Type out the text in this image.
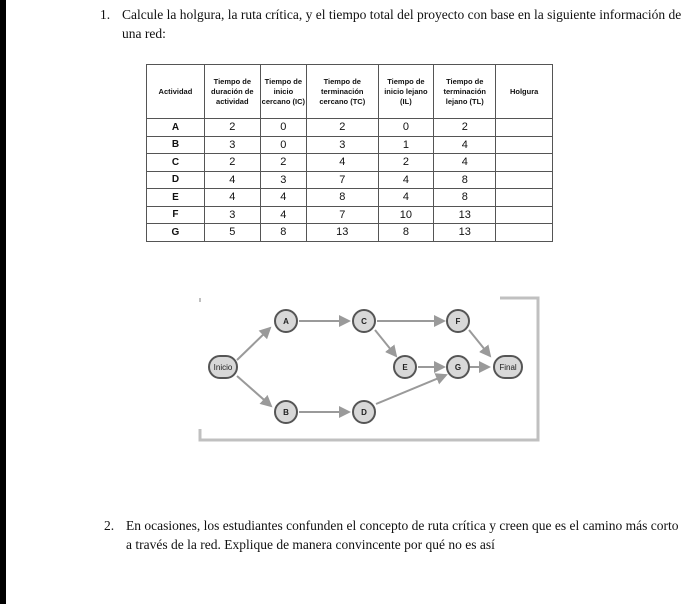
1. Calcule la holgura, la ruta crítica, y el tiempo total del proyecto con base en la siguiente información de una red:
Actividad	Tiempo de duración de actividad	Tiempo de inicio cercano (IC)	Tiempo de terminación cercano (TC)	Tiempo de inicio lejano (IL)	Tiempo de terminación lejano (TL)	Holgura
A	2	0	2	0	2	
B	3	0	3	1	4	
C	2	2	4	2	4	
D	4	3	7	4	8	
E	4	4	8	4	8	
F	3	4	7	10	13	
G	5	8	13	8	13	
Inicio
A
B
C
D
E
F
G	Final
2. En ocasiones, los estudiantes confunden el concepto de ruta crítica y creen que es el camino más corto a través de la red. Explique de manera convincente por qué no es así
